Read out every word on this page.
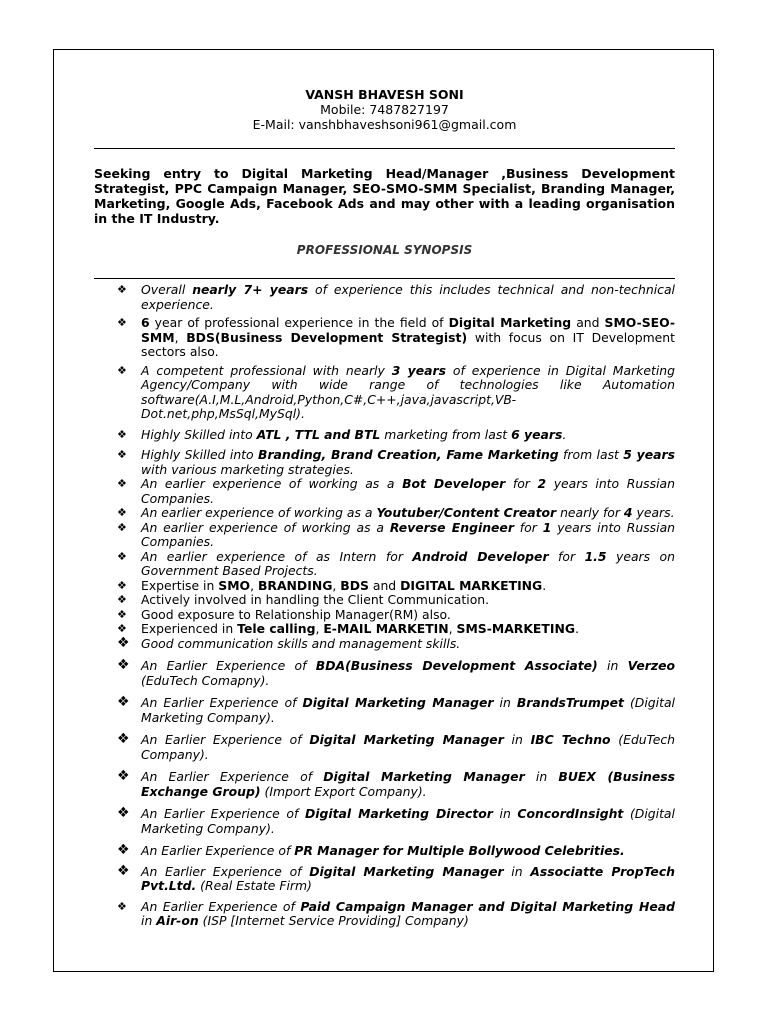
VANSH BHAVESH SONI
Mobile: 7487827197
E-Mail: vanshbhaveshsoni961@gmail.com
Seeking entry to Digital Marketing Head/Manager ,Business Development Strategist, PPC Campaign Manager, SEO-SMO-SMM Specialist, Branding Manager, Marketing, Google Ads, Facebook Ads and may other with a leading organisation in the IT Industry.
PROFESSIONAL SYNOPSIS
❖ Overall nearly 7+ years of experience this includes technical and non-technical experience.
❖ 6 year of professional experience in the field of Digital Marketing and SMO-SEO-SMM, BDS(Business Development Strategist) with focus on IT Development sectors also.
❖ A competent professional with nearly 3 years of experience in Digital Marketing Agency/Company with wide range of technologies like Automation software(A.I,M.L,Android,Python,C#,C++,java,javascript,VB-Dot.net,php,MsSql,MySql).
❖ Highly Skilled into ATL , TTL and BTL marketing from last 6 years.
❖ Highly Skilled into Branding, Brand Creation, Fame Marketing from last 5 years with various marketing strategies.
❖ An earlier experience of working as a Bot Developer for 2 years into Russian Companies.
❖ An earlier experience of working as a Youtuber/Content Creator nearly for 4 years.
❖ An earlier experience of working as a Reverse Engineer for 1 years into Russian Companies.
❖ An earlier experience of as Intern for Android Developer for 1.5 years on Government Based Projects.
❖ Expertise in SMO, BRANDING, BDS and DIGITAL MARKETING.
❖ Actively involved in handling the Client Communication.
❖ Good exposure to Relationship Manager(RM) also.
❖ Experienced in Tele calling, E-MAIL MARKETIN, SMS-MARKETING.
❖ Good communication skills and management skills.
❖ An Earlier Experience of BDA(Business Development Associate) in Verzeo (EduTech Comapny).
❖ An Earlier Experience of Digital Marketing Manager in BrandsTrumpet (Digital Marketing Company).
❖ An Earlier Experience of Digital Marketing Manager in IBC Techno (EduTech Company).
❖ An Earlier Experience of Digital Marketing Manager in BUEX (Business Exchange Group) (Import Export Company).
❖ An Earlier Experience of Digital Marketing Director in ConcordInsight (Digital Marketing Company).
❖ An Earlier Experience of PR Manager for Multiple Bollywood Celebrities.
❖ An Earlier Experience of Digital Marketing Manager in Associatte PropTech Pvt.Ltd. (Real Estate Firm)
❖ An Earlier Experience of Paid Campaign Manager and Digital Marketing Head in Air-on (ISP [Internet Service Providing] Company)
